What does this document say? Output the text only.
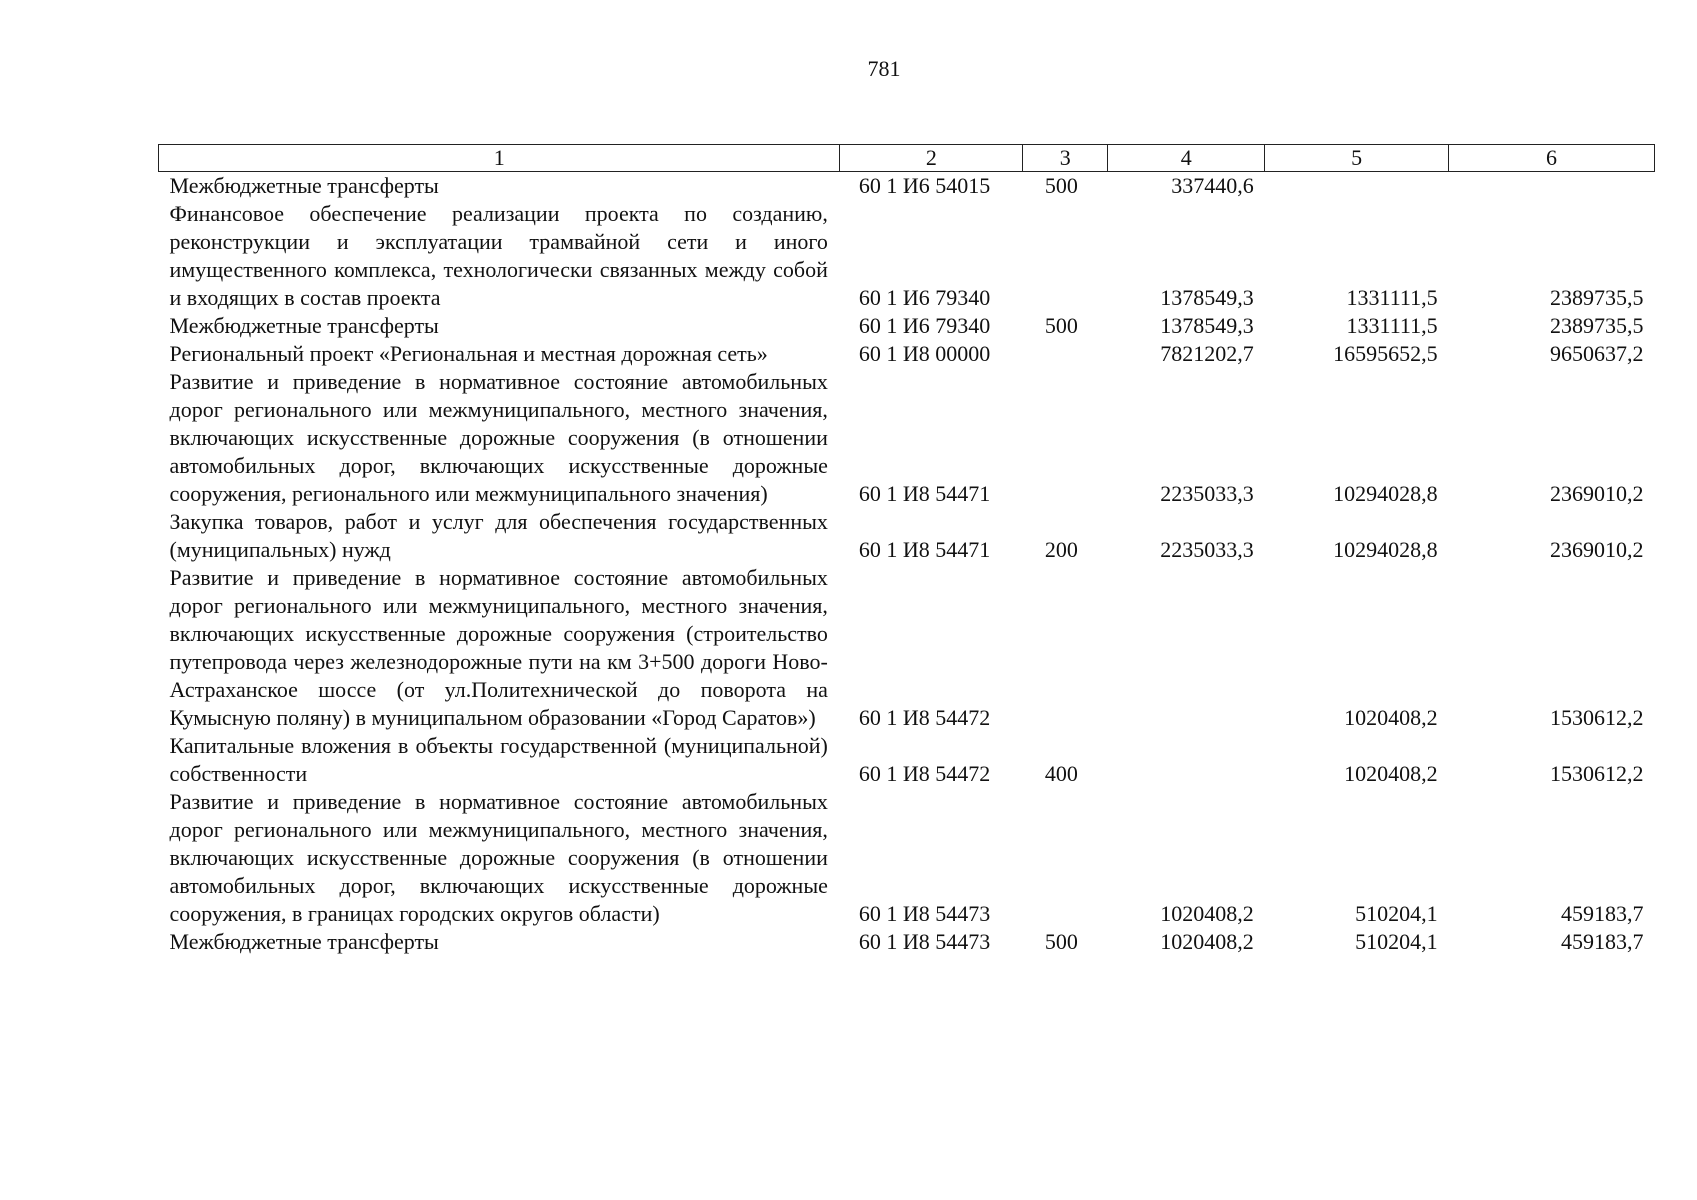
781
1	2	3	4	5	6
Межбюджетные трансферты	60 1 И6 54015	500	337440,6		
Финансовое обеспечение реализации проекта по созданию, реконструкции и эксплуатации трамвайной сети и иного имущественного комплекса, технологически связанных между собой и входящих в состав проекта	60 1 И6 79340		1378549,3	1331111,5	2389735,5
Межбюджетные трансферты	60 1 И6 79340	500	1378549,3	1331111,5	2389735,5
Региональный проект «Региональная и местная дорожная сеть»	60 1 И8 00000		7821202,7	16595652,5	9650637,2
Развитие и приведение в нормативное состояние автомобильных дорог регионального или межмуниципального, местного значения, включающих искусственные дорожные сооружения (в отношении автомобильных дорог, включающих искусственные дорожные сооружения, регионального или межмуниципального значения)	60 1 И8 54471		2235033,3	10294028,8	2369010,2
Закупка товаров, работ и услуг для обеспечения государственных (муниципальных) нужд	60 1 И8 54471	200	2235033,3	10294028,8	2369010,2
Развитие и приведение в нормативное состояние автомобильных дорог регионального или межмуниципального, местного значения, включающих искусственные дорожные сооружения (строительство путепровода через железнодорожные пути на км 3+500 дороги Ново-Астраханское шоссе (от ул.Политехнической до поворота на Кумысную поляну) в муниципальном образовании «Город Саратов»)	60 1 И8 54472			1020408,2	1530612,2
Капитальные вложения в объекты государственной (муниципальной) собственности	60 1 И8 54472	400		1020408,2	1530612,2
Развитие и приведение в нормативное состояние автомобильных дорог регионального или межмуниципального, местного значения, включающих искусственные дорожные сооружения (в отношении автомобильных дорог, включающих искусственные дорожные сооружения, в границах городских округов области)	60 1 И8 54473		1020408,2	510204,1	459183,7
Межбюджетные трансферты	60 1 И8 54473	500	1020408,2	510204,1	459183,7
